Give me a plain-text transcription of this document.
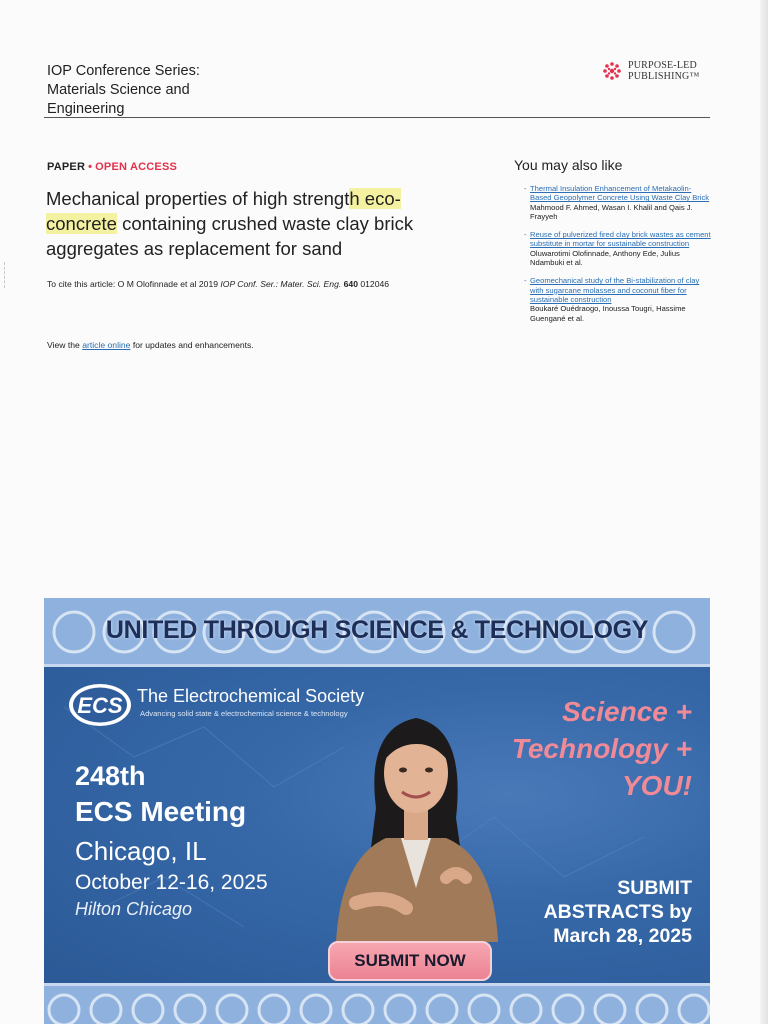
IOP Conference Series:
Materials Science and
Engineering
PURPOSE-LED
PUBLISHING™
PAPER • OPEN ACCESS
Mechanical properties of high strength eco-
concrete containing crushed waste clay brick aggregates as replacement for sand
To cite this article: O M Olofinnade et al 2019 IOP Conf. Ser.: Mater. Sci. Eng. 640 012046
View the article online for updates and enhancements.
You may also like
- Thermal Insulation Enhancement of Metakaolin-Based Geopolymer Concrete Using Waste Clay Brick
Mahmood F. Ahmed, Wasan I. Khalil and Qais J. Frayyeh
- Reuse of pulverized fired clay brick wastes as cement substitute in mortar for sustainable construction
Oluwarotimi Olofinnade, Anthony Ede, Julius Ndambuki et al.
- Geomechanical study of the Bi-stabilization of clay with sugarcane molasses and coconut fiber for sustainable construction
Boukaré Ouédraogo, Inoussa Tougri, Hassime Guengané et al.
UNITED THROUGH SCIENCE & TECHNOLOGY
ECS The Electrochemical Society
Advancing solid state & electrochemical science & technology
248th
ECS Meeting
Chicago, IL
October 12-16, 2025
Hilton Chicago
Science +
Technology +
YOU!
SUBMIT
ABSTRACTS by
March 28, 2025
SUBMIT NOW
